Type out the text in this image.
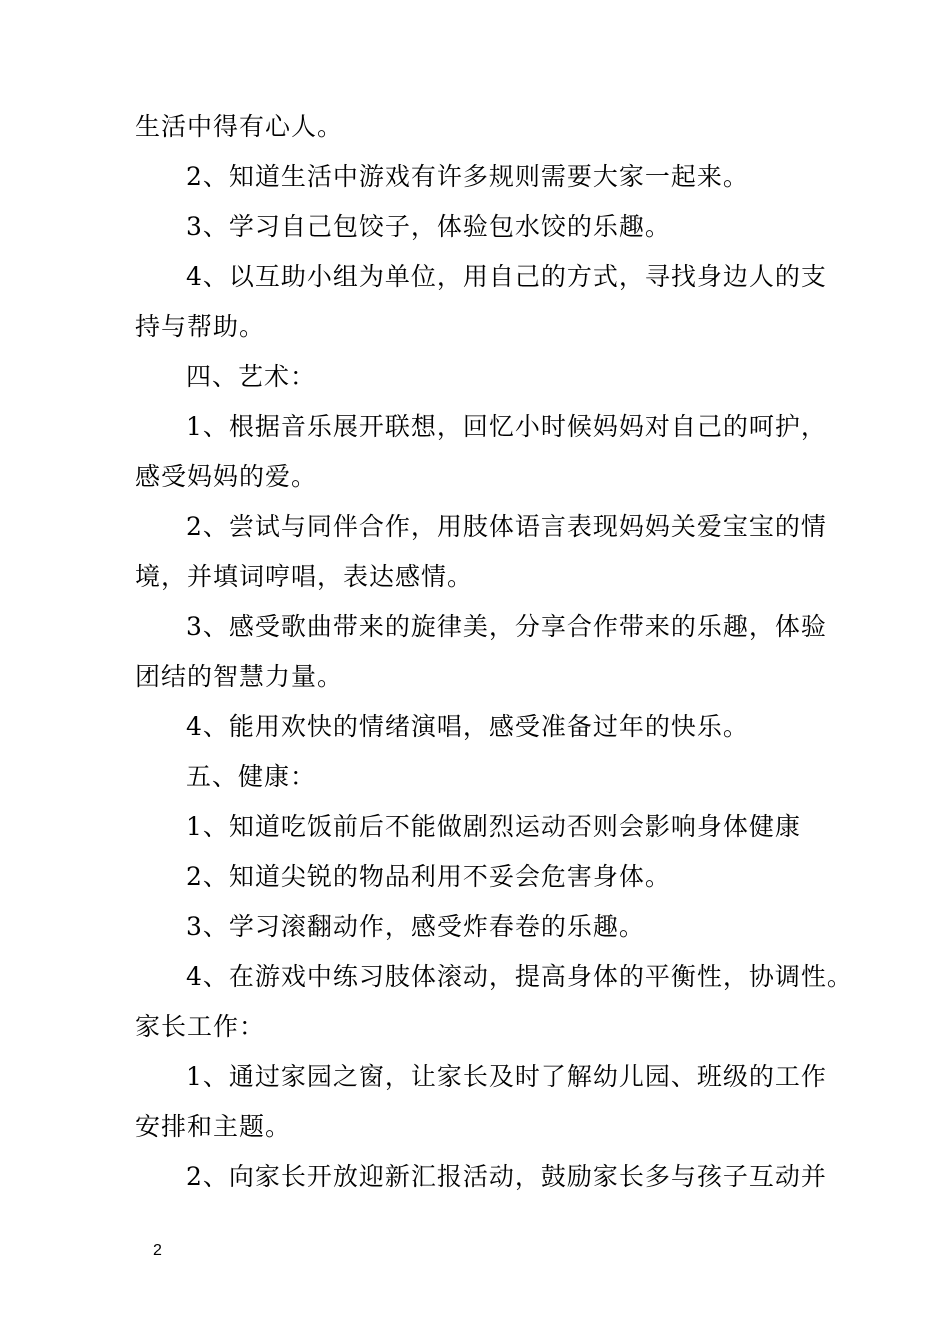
生活中得有心人。
2、知道生活中游戏有许多规则需要大家一起来。
3、学习自己包饺子，体验包水饺的乐趣。
4、以互助小组为单位，用自己的方式，寻找身边人的支
持与帮助。
四、艺术：
1、根据音乐展开联想，回忆小时候妈妈对自己的呵护，
感受妈妈的爱。
2、尝试与同伴合作，用肢体语言表现妈妈关爱宝宝的情
境，并填词哼唱，表达感情。
3、感受歌曲带来的旋律美，分享合作带来的乐趣，体验
团结的智慧力量。
4、能用欢快的情绪演唱，感受准备过年的快乐。
五、健康：
1、知道吃饭前后不能做剧烈运动否则会影响身体健康
2、知道尖锐的物品利用不妥会危害身体。
3、学习滚翻动作，感受炸春卷的乐趣。
4、在游戏中练习肢体滚动，提高身体的平衡性，协调性。
家长工作：
1、通过家园之窗，让家长及时了解幼儿园、班级的工作
安排和主题。
2、向家长开放迎新汇报活动，鼓励家长多与孩子互动并
2
